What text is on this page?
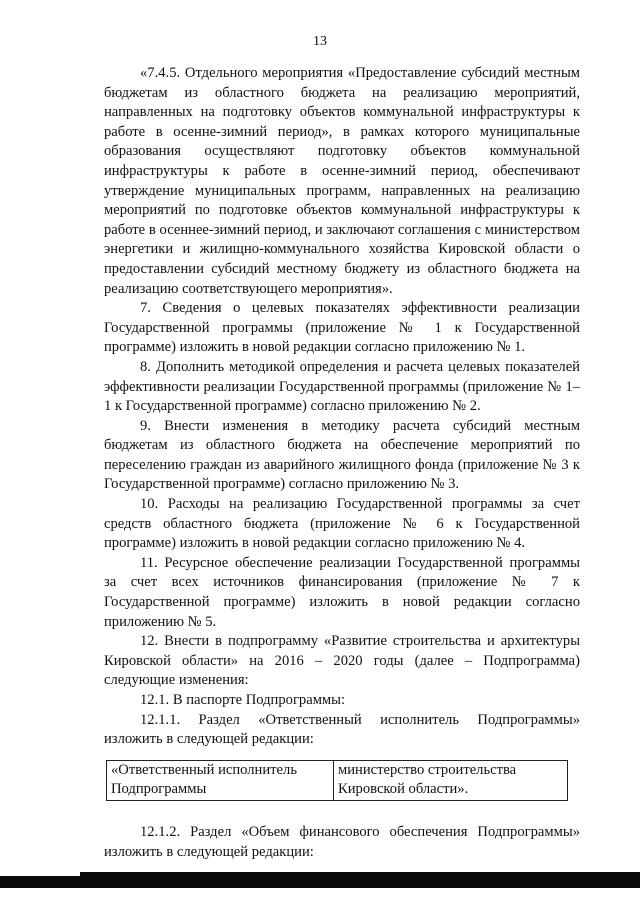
13

«7.4.5. Отдельного мероприятия «Предоставление субсидий местным бюджетам из областного бюджета на реализацию мероприятий, направленных на подготовку объектов коммунальной инфраструктуры к работе в осенне-зимний период», в рамках которого муниципальные образования осуществляют подготовку объектов коммунальной инфраструктуры к работе в осенне-зимний период, обеспечивают утверждение муниципальных программ, направленных на реализацию мероприятий по подготовке объектов коммунальной инфраструктуры к работе в осеннее-зимний период, и заключают соглашения с министерством энергетики и жилищно-коммунального хозяйства Кировской области о предоставлении субсидий местному бюджету из областного бюджета на реализацию соответствующего мероприятия».

7. Сведения о целевых показателях эффективности реализации Государственной программы (приложение № 1 к Государственной программе) изложить в новой редакции согласно приложению № 1.

8. Дополнить методикой определения и расчета целевых показателей эффективности реализации Государственной программы (приложение № 1–1 к Государственной программе) согласно приложению № 2.

9. Внести изменения в методику расчета субсидий местным бюджетам из областного бюджета на обеспечение мероприятий по переселению граждан из аварийного жилищного фонда (приложение № 3 к Государственной программе) согласно приложению № 3.

10. Расходы на реализацию Государственной программы за счет средств областного бюджета (приложение № 6 к Государственной программе) изложить в новой редакции согласно приложению № 4.

11. Ресурсное обеспечение реализации Государственной программы за счет всех источников финансирования (приложение № 7 к Государственной программе) изложить в новой редакции согласно приложению № 5.

12. Внести в подпрограмму «Развитие строительства и архитектуры Кировской области» на 2016 – 2020 годы (далее – Подпрограмма) следующие изменения:

12.1. В паспорте Подпрограммы:

12.1.1. Раздел «Ответственный исполнитель Подпрограммы» изложить в следующей редакции:

«Ответственный исполнитель Подпрограммы	министерство строительства Кировской области».

12.1.2. Раздел «Объем финансового обеспечения Подпрограммы» изложить в следующей редакции:
